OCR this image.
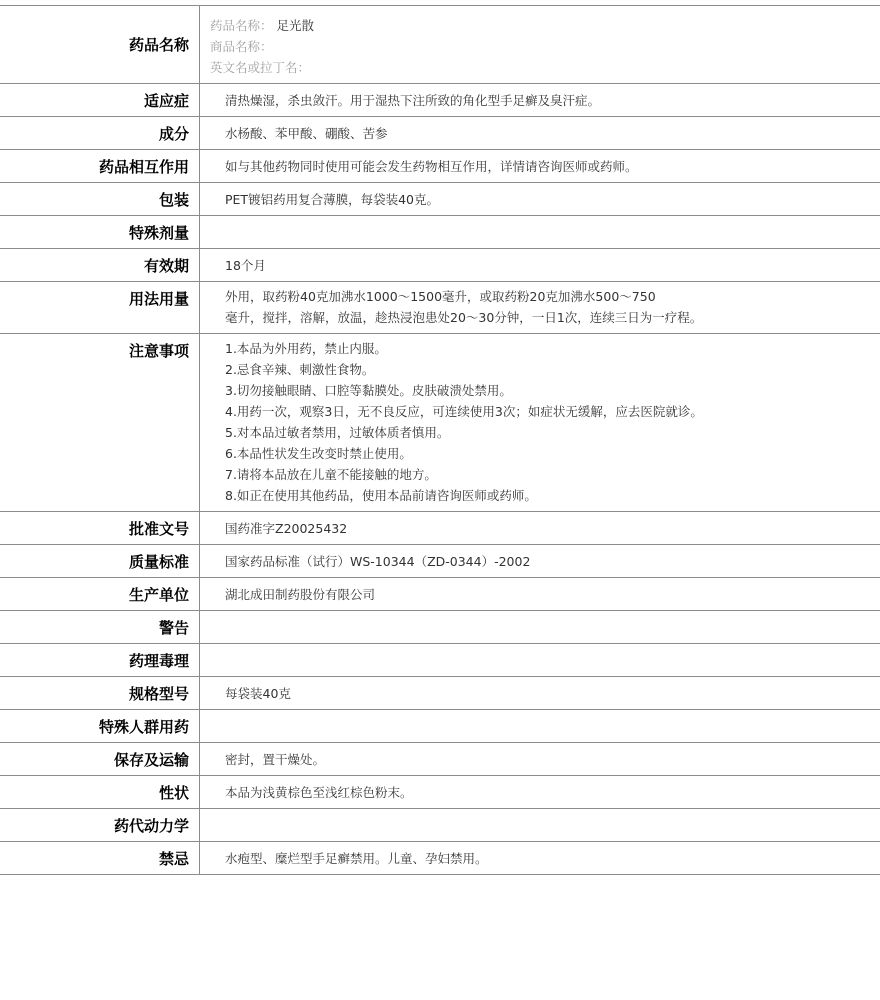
药品名称
药品名称： 足光散
商品名称：
英文名或拉丁名：
适应症	清热燥湿，杀虫敛汗。用于湿热下注所致的角化型手足癣及臭汗症。
成分	水杨酸、苯甲酸、硼酸、苦参
药品相互作用	如与其他药物同时使用可能会发生药物相互作用，详情请咨询医师或药师。
包装	PET镀铝药用复合薄膜，每袋装40克。
特殊剂量
有效期	18个月
用法用量	外用，取药粉40克加沸水1000～1500毫升，或取药粉20克加沸水500～750
毫升，搅拌，溶解，放温，趁热浸泡患处20～30分钟，一日1次，连续三日为一疗程。
注意事项	1.本品为外用药，禁止内服。
2.忌食辛辣、刺激性食物。
3.切勿接触眼睛、口腔等黏膜处。皮肤破溃处禁用。
4.用药一次，观察3日，无不良反应，可连续使用3次；如症状无缓解，应去医院就诊。
5.对本品过敏者禁用，过敏体质者慎用。
6.本品性状发生改变时禁止使用。
7.请将本品放在儿童不能接触的地方。
8.如正在使用其他药品，使用本品前请咨询医师或药师。
批准文号	国药准字Z20025432
质量标准	国家药品标准（试行）WS-10344（ZD-0344）-2002
生产单位	湖北成田制药股份有限公司
警告
药理毒理
规格型号	每袋装40克
特殊人群用药
保存及运输	密封，置干燥处。
性状	本品为浅黄棕色至浅红棕色粉末。
药代动力学
禁忌	水疱型、糜烂型手足癣禁用。儿童、孕妇禁用。
